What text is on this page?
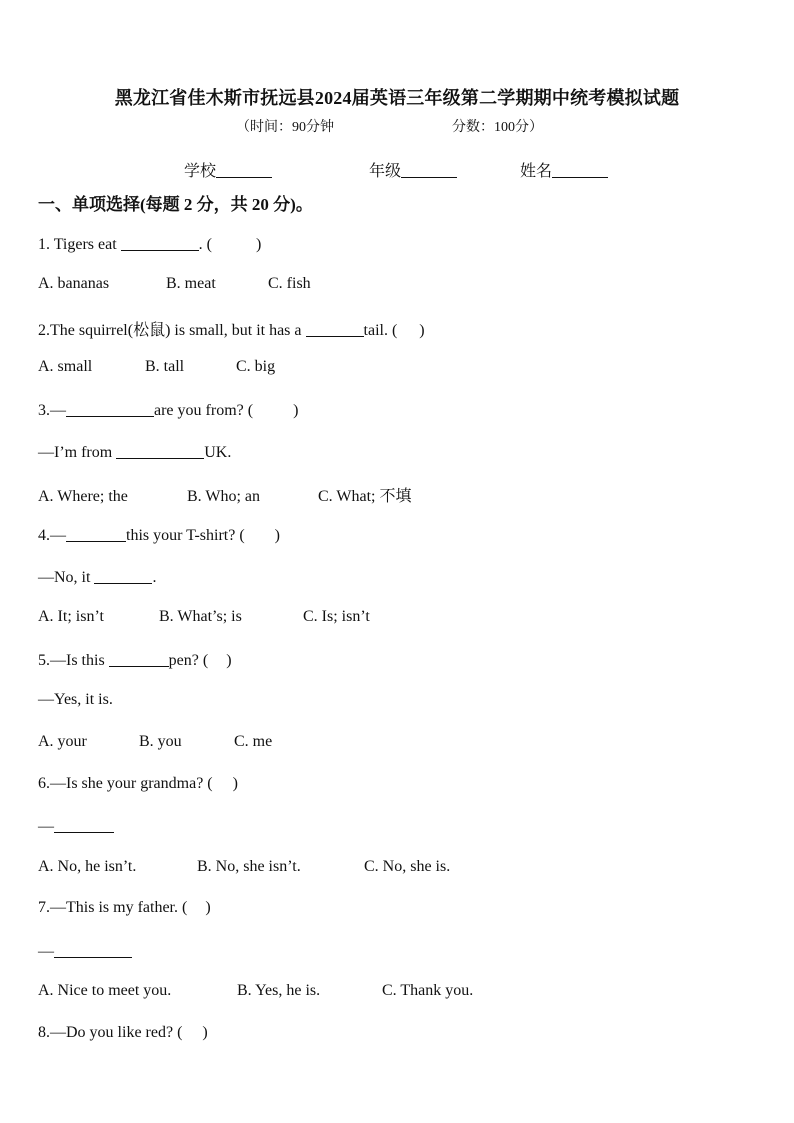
黑龙江省佳木斯市抚远县2024届英语三年级第二学期期中统考模拟试题
（时间：90分钟	分数：100分）
学校	年级	姓名
一、单项选择(每题 2 分，共 20 分)。
1. Tigers eat	. (	)
A. bananas	B. meat	C. fish
2.The squirrel(松鼠) is small, but it has a	tail. ( )
A. small	B. tall	C. big
3.—	are you from? (	)
—I’m from	UK.
A. Where; the	B. Who; an	C. What; 不填
4.—	this your T-shirt? ( )
—No, it	.
A. It; isn’t	B. What’s; is	C. Is; isn’t
5.—Is this	pen? ( )
—Yes, it is.
A. your	B. you	C. me
6.—Is she your grandma? ( )
—
A. No, he isn’t.	B. No, she isn’t.	C. No, she is.
7.—This is my father. ( )
—
A. Nice to meet you.	B. Yes, he is.	C. Thank you.
8.—Do you like red? ( )
